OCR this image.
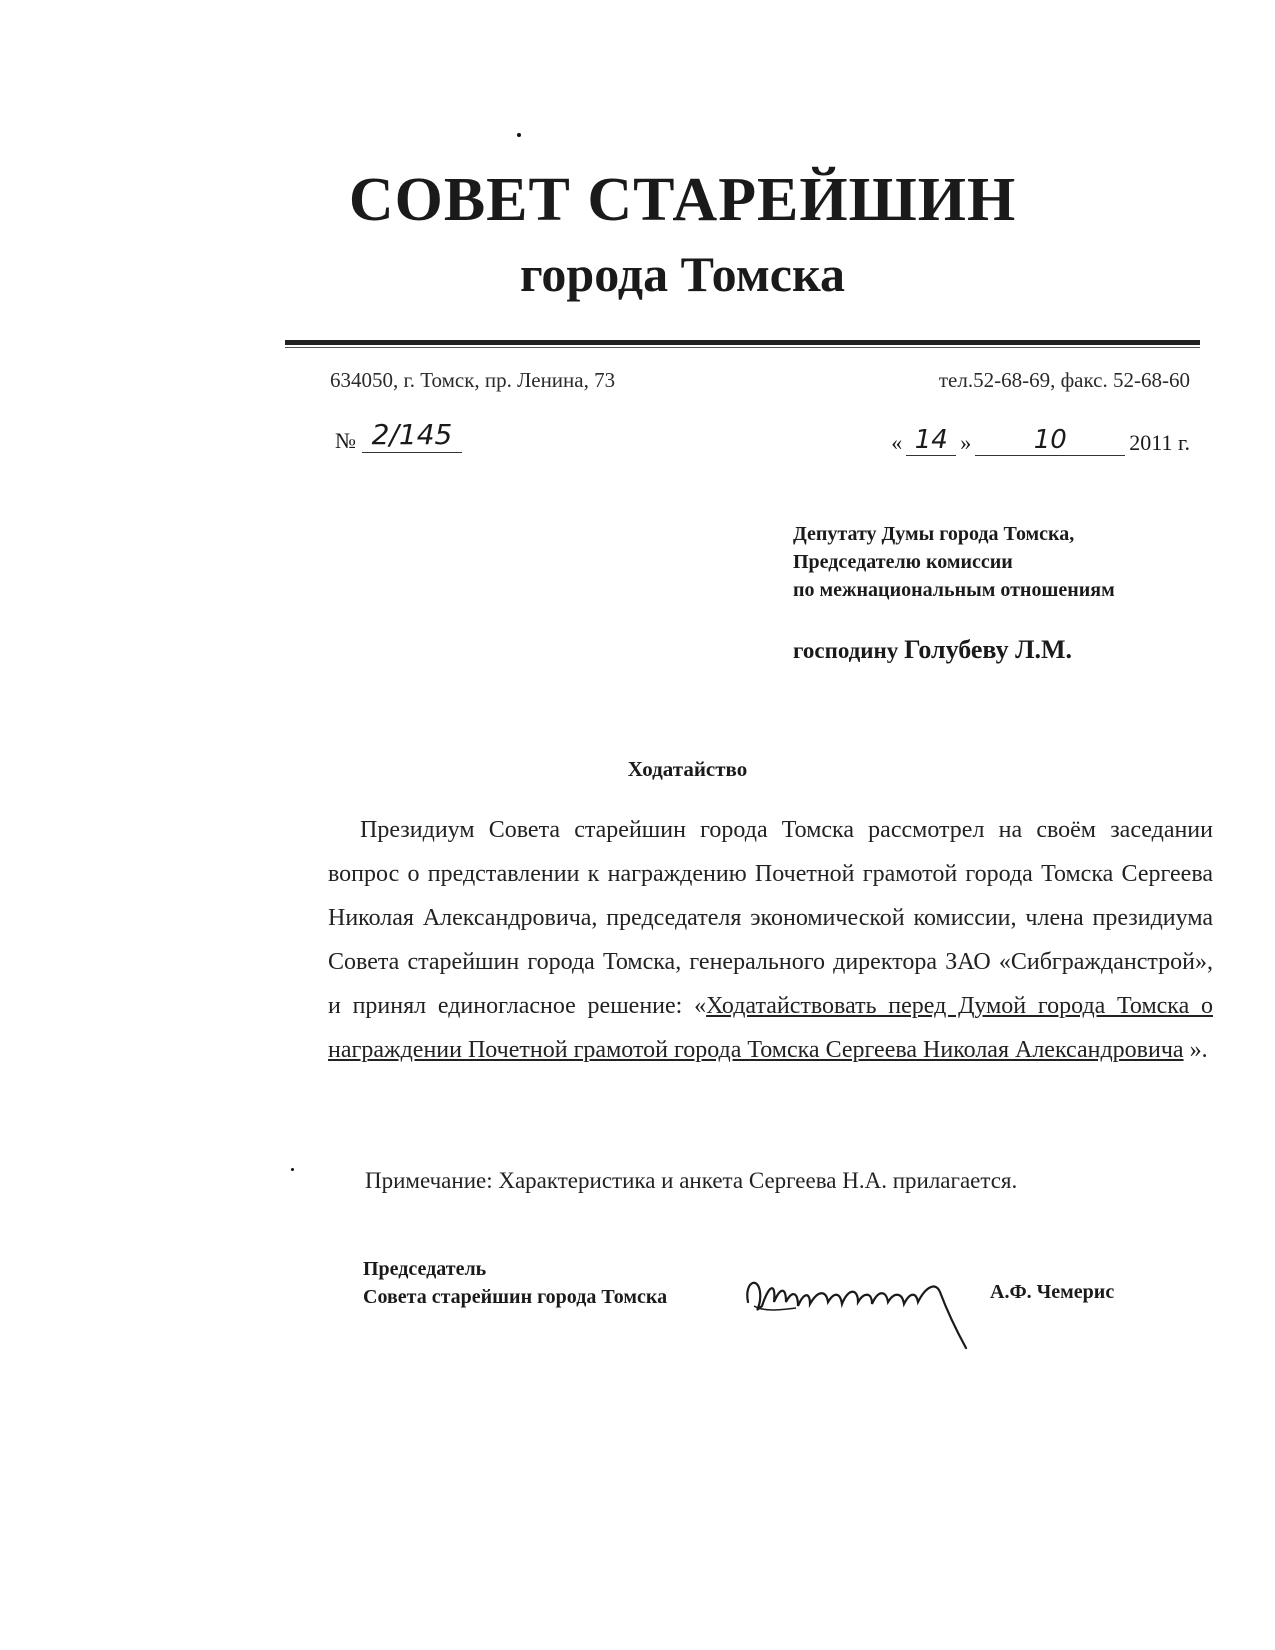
СОВЕТ СТАРЕЙШИН
города Томска
634050, г. Томск, пр. Ленина, 73	тел.52-68-69, факс. 52-68-60
№ 2/145	« 14 »	10	2011 г.
Депутату Думы города Томска,
Председателю комиссии
по межнациональным отношениям
господину Голубеву Л.М.
Ходатайство
Президиум Совета старейшин города Томска рассмотрел на своём заседании вопрос о представлении к награждению Почетной грамотой города Томска Сергеева Николая Александровича, председателя экономической комиссии, члена президиума Совета старейшин города Томска, генерального директора ЗАО «Сибгражданстрой», и принял единогласное решение: «Ходатайствовать перед Думой города Томска о награждении Почетной грамотой города Томска Сергеева Николая Александровича ».
Примечание: Характеристика и анкета Сергеева Н.А. прилагается.
Председатель
Совета старейшин города Томска	А.Ф. Чемерис
